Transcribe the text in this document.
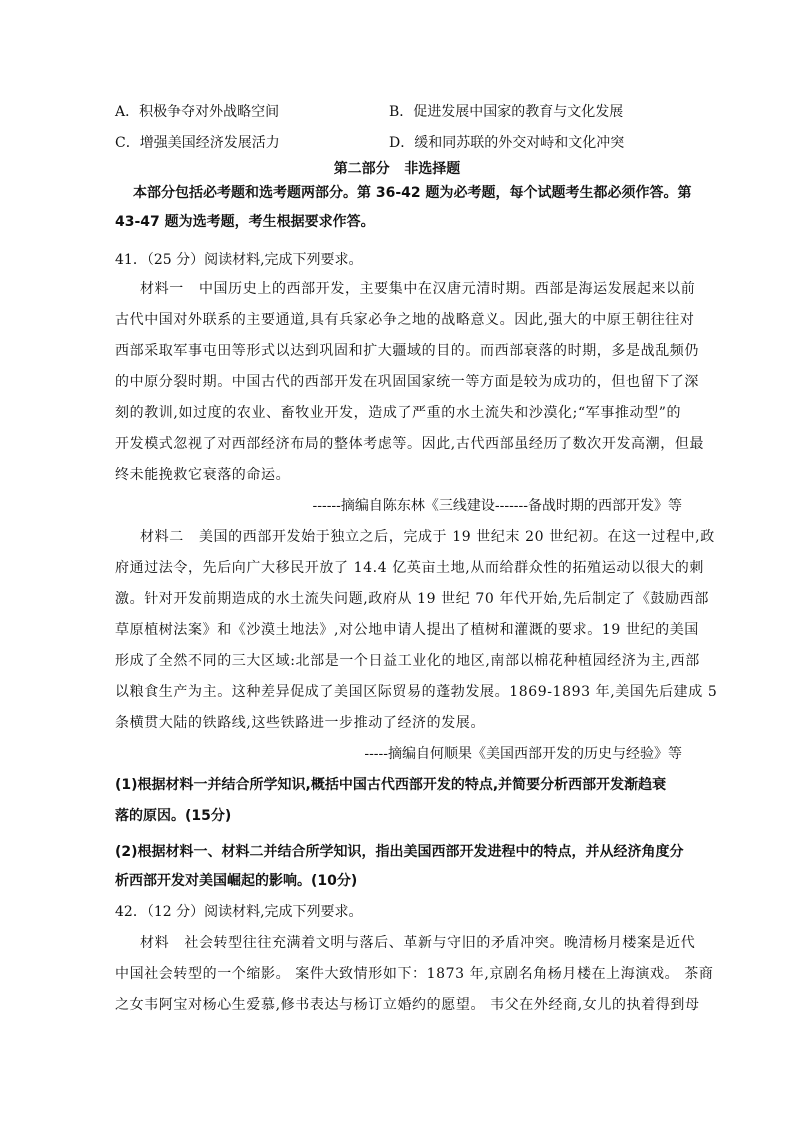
A．积极争夺对外战略空间	B．促进发展中国家的教育与文化发展
C．增强美国经济发展活力	D．缓和同苏联的外交对峙和文化冲突
第二部分   非选择题
本部分包括必考题和选考题两部分。第 36-42 题为必考题，每个试题考生都必须作答。第
43-47 题为选考题，考生根据要求作答。
41．（25 分）阅读材料,完成下列要求。
材料一   中国历史上的西部开发，主要集中在汉唐元清时期。西部是海运发展起来以前
古代中国对外联系的主要通道,具有兵家必争之地的战略意义。因此,强大的中原王朝往往对
西部采取军事屯田等形式以达到巩固和扩大疆域的目的。而西部衰落的时期，多是战乱频仍
的中原分裂时期。中国古代的西部开发在巩固国家统一等方面是较为成功的，但也留下了深
刻的教训,如过度的农业、畜牧业开发，造成了严重的水土流失和沙漠化;“军事推动型”的
开发模式忽视了对西部经济布局的整体考虑等。因此,古代西部虽经历了数次开发高潮，但最
终未能挽救它衰落的命运。
------摘编自陈东林《三线建设-------备战时期的西部开发》等
材料二   美国的西部开发始于独立之后，完成于 19 世纪末 20 世纪初。在这一过程中,政
府通过法令，先后向广大移民开放了 14.4 亿英亩土地,从而给群众性的拓殖运动以很大的刺
激。针对开发前期造成的水土流失问题,政府从 19 世纪 70 年代开始,先后制定了《鼓励西部
草原植树法案》和《沙漠土地法》,对公地申请人提出了植树和灌溉的要求。19 世纪的美国
形成了全然不同的三大区域:北部是一个日益工业化的地区,南部以棉花种植园经济为主,西部
以粮食生产为主。这种差异促成了美国区际贸易的蓬勃发展。1869-1893 年,美国先后建成 5
条横贯大陆的铁路线,这些铁路进一步推动了经济的发展。
-----摘编自何顺果《美国西部开发的历史与经验》等
(1)根据材料一并结合所学知识,概括中国古代西部开发的特点,并简要分析西部开发渐趋衰
落的原因。(15分)
(2)根据材料一、材料二并结合所学知识，指出美国西部开发进程中的特点，并从经济角度分
析西部开发对美国崛起的影响。(10分)
42．（12 分）阅读材料,完成下列要求。
材料   社会转型往往充满着文明与落后、革新与守旧的矛盾冲突。晚清杨月楼案是近代
中国社会转型的一个缩影。 案件大致情形如下：1873 年,京剧名角杨月楼在上海演戏。 茶商
之女韦阿宝对杨心生爱慕,修书表达与杨订立婚约的愿望。 韦父在外经商,女儿的执着得到母
